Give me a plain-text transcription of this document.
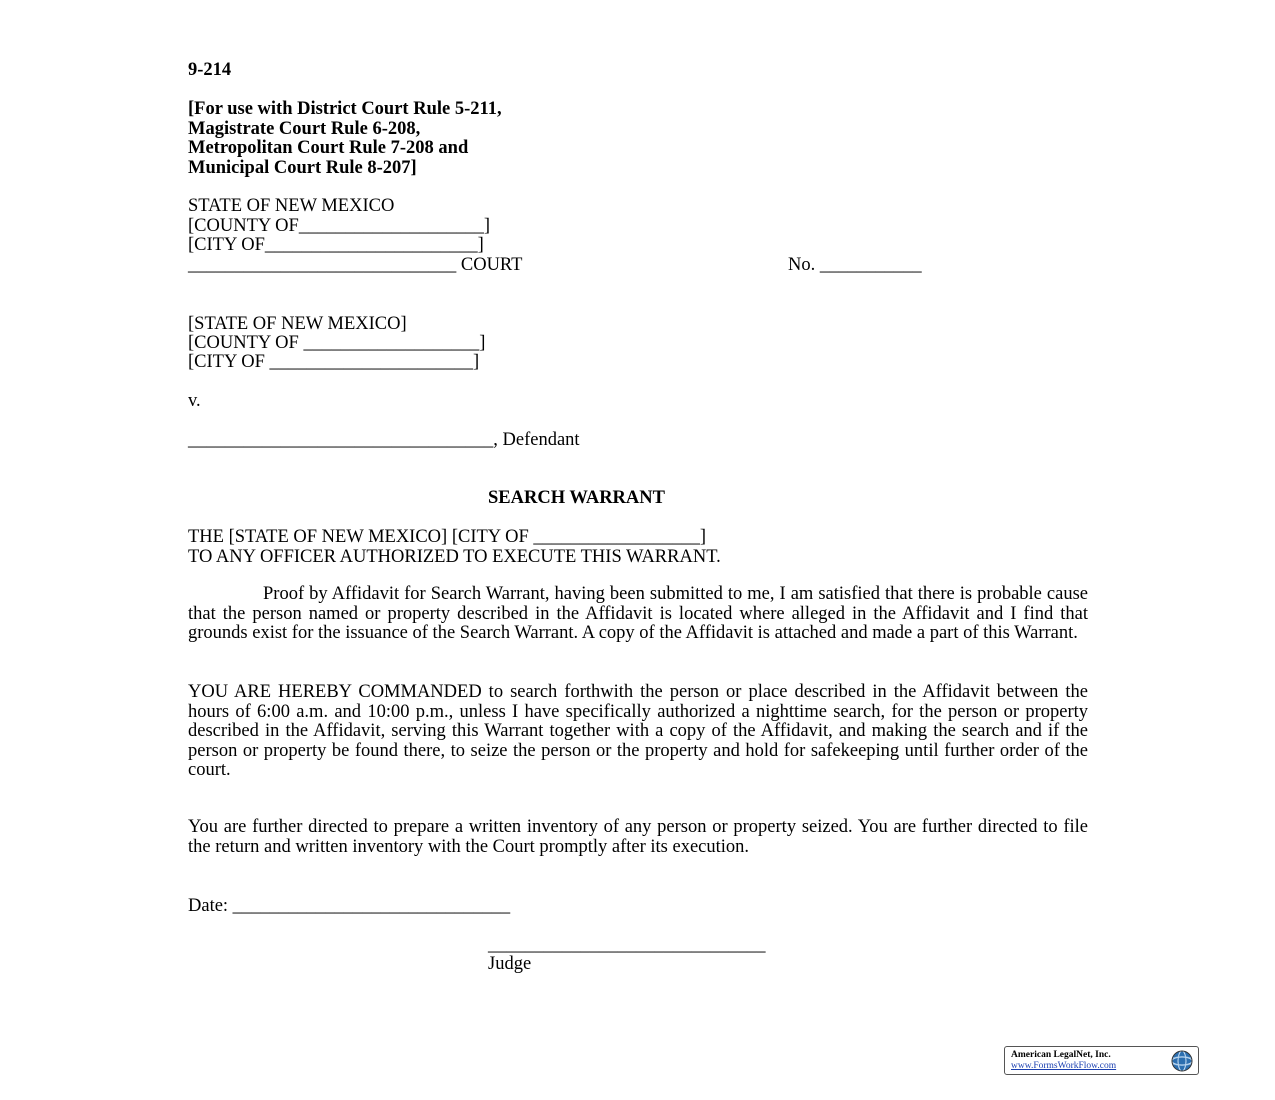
9-214
[For use with District Court Rule 5-211,
Magistrate Court Rule 6-208,
Metropolitan Court Rule 7-208 and
Municipal Court Rule 8-207]
STATE OF NEW MEXICO
[COUNTY OF____________________]
[CITY OF_______________________]
_____________________________ COURT	No. ___________
[STATE OF NEW MEXICO]
[COUNTY OF ___________________]
[CITY OF ______________________]
v.
_________________________________, Defendant
SEARCH WARRANT
THE [STATE OF NEW MEXICO] [CITY OF __________________]
TO ANY OFFICER AUTHORIZED TO EXECUTE THIS WARRANT.

Proof by Affidavit for Search Warrant, having been submitted to me, I am satisfied that there is probable cause that the person named or property described in the Affidavit is located where alleged in the Affidavit and I find that grounds exist for the issuance of the Search Warrant. A copy of the Affidavit is attached and made a part of this Warrant.

YOU ARE HEREBY COMMANDED to search forthwith the person or place described in the Affidavit between the hours of 6:00 a.m. and 10:00 p.m., unless I have specifically authorized a nighttime search, for the person or property described in the Affidavit, serving this Warrant together with a copy of the Affidavit, and making the search and if the person or property be found there, to seize the person or the property and hold for safekeeping until further order of the court.

You are further directed to prepare a written inventory of any person or property seized. You are further directed to file the return and written inventory with the Court promptly after its execution.

Date: ______________________________
______________________________
Judge
American LegalNet, Inc.
www.FormsWorkFlow.com
